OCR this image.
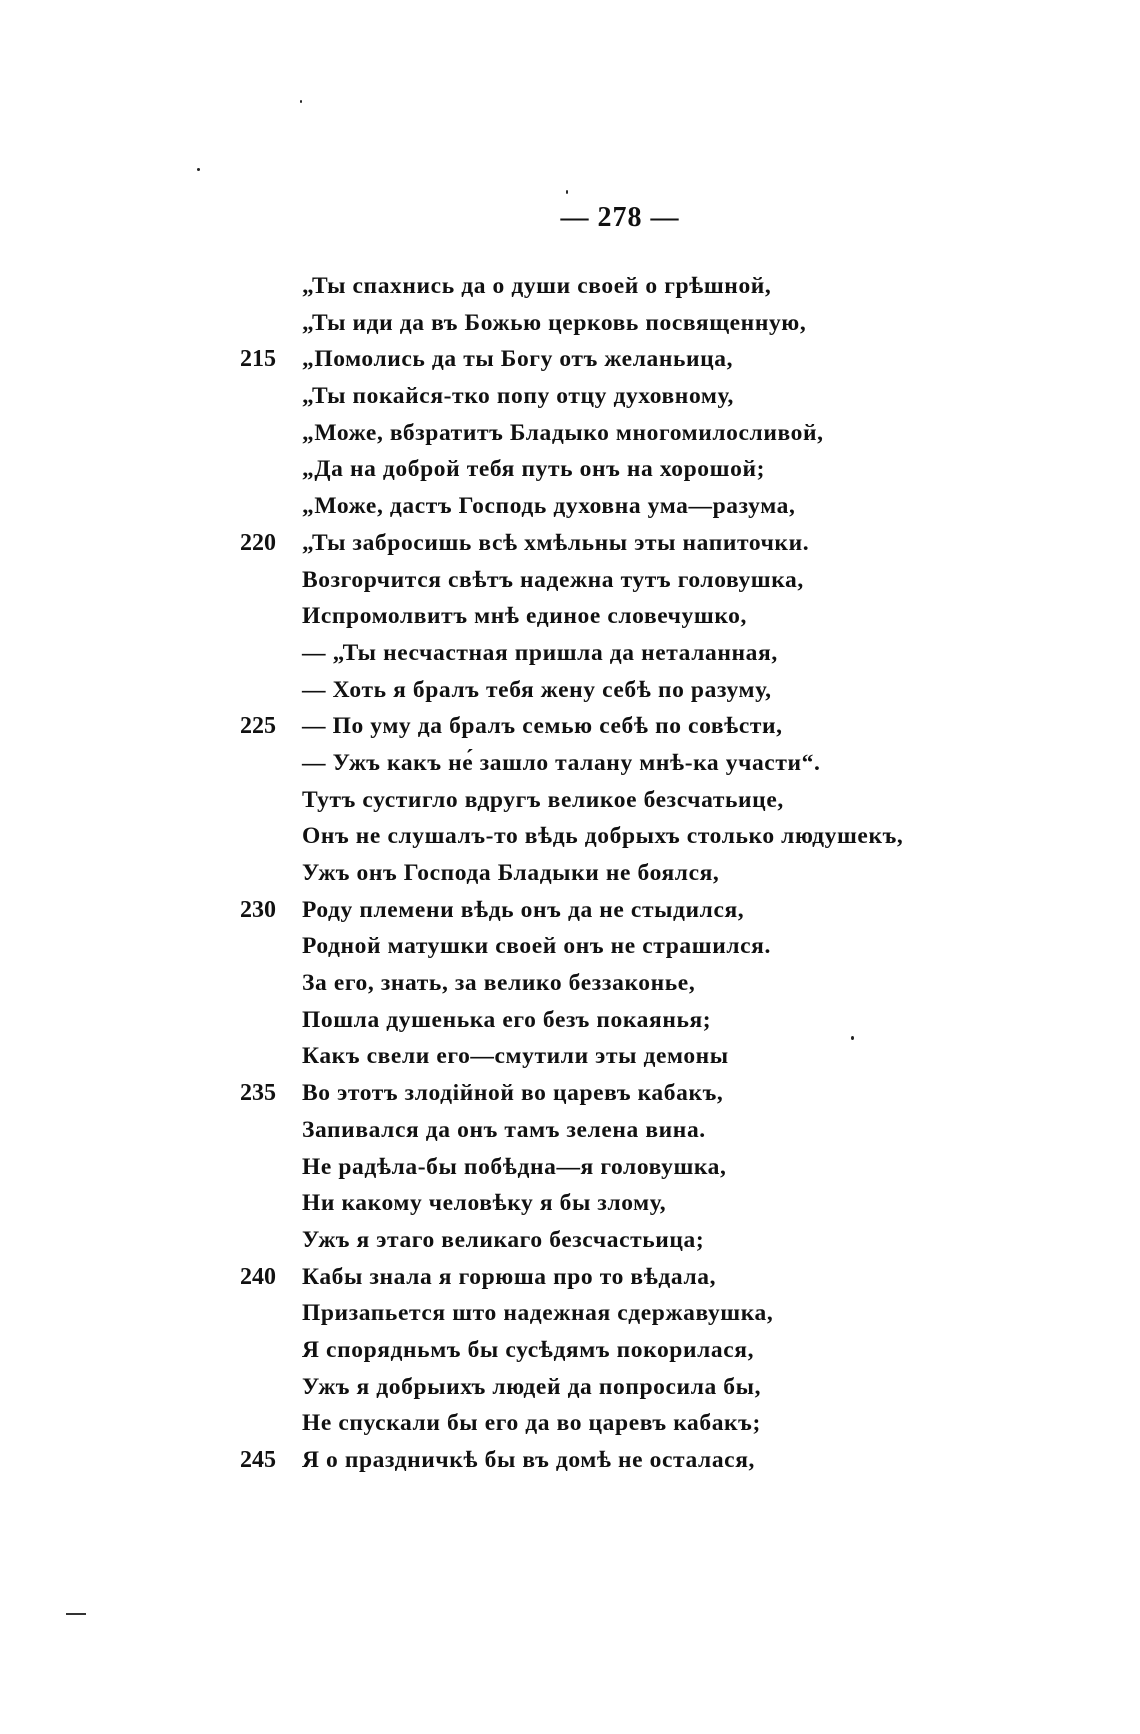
— 278 —
„Ты спахнись да о души своей о грѣшной,
„Ты иди да въ Божью церковь посвященную,
215	„Помолись да ты Богу отъ желаньица,
„Ты покайся-тко попу отцу духовному,
„Може, вбзратитъ Бладыко многомилосливой,
„Да на доброй тебя путь онъ на хорошой;
„Може, дастъ Господь духовна ума—разума,
220	„Ты забросишь всѣ хмѣльны эты напиточки.
Возгорчится свѣтъ надежна тутъ головушка,
Испромолвитъ мнѣ единое словечушко,
— „Ты несчастная пришла да неталанная,
— Хоть я бралъ тебя жену себѣ по разуму,
225	— По уму да бралъ семью себѣ по совѣсти,
— Ужъ какъ не́ зашло талану мнѣ-ка участи“.
Тутъ сустигло вдругъ великое безсчатьице,
Онъ не слушалъ-то вѣдь добрыхъ столько людушекъ,
Ужъ онъ Господа Бладыки не боялся,
230	Роду племени вѣдь онъ да не стыдился,
Родной матушки своей онъ не страшился.
За его, знать, за велико беззаконье,
Пошла душенька его безъ покаянья;
Какъ свели его—смутили эты демоны
235	Во этотъ злодійной во царевъ кабакъ,
Запивался да онъ тамъ зелена вина.
Не радѣла-бы побѣдна—я головушка,
Ни какому человѣку я бы злому,
Ужъ я этаго великаго безсчастьица;
240	Кабы знала я горюша про то вѣдала,
Призапьется што надежная сдержавушка,
Я спорядньмъ бы сусѣдямъ покорилася,
Ужъ я добрыихъ людей да попросила бы,
Не спускали бы его да во царевъ кабакъ;
245	Я о праздничкѣ бы въ домѣ не осталася,
